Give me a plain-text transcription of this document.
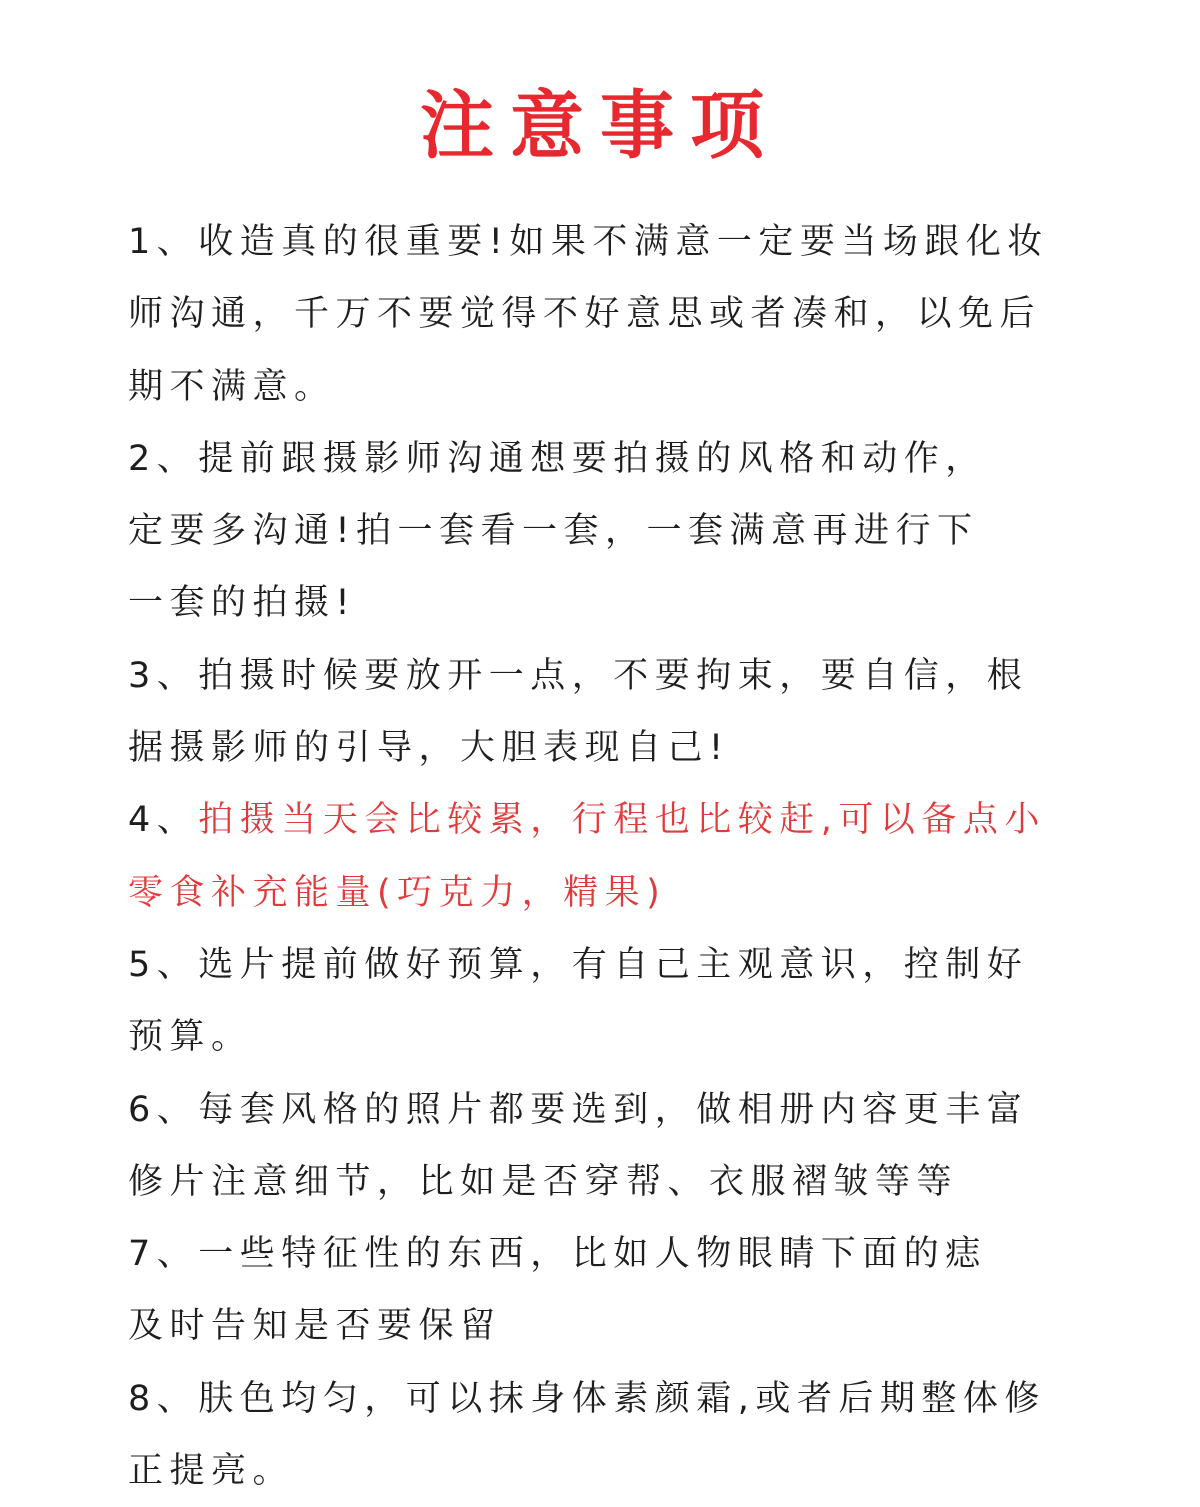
注意事项
1、收造真的很重要!如果不满意一定要当场跟化妆
师沟通，千万不要觉得不好意思或者凑和，以免后
期不满意。
2、提前跟摄影师沟通想要拍摄的风格和动作，
定要多沟通!拍一套看一套，一套满意再进行下
一套的拍摄!
3、拍摄时候要放开一点，不要拘束，要自信，根
据摄影师的引导，大胆表现自己!
4、拍摄当天会比较累，行程也比较赶,可以备点小
零食补充能量(巧克力，精果)
5、选片提前做好预算，有自己主观意识，控制好
预算。
6、每套风格的照片都要选到，做相册内容更丰富
修片注意细节，比如是否穿帮、衣服褶皱等等
7、一些特征性的东西，比如人物眼睛下面的痣
及时告知是否要保留
8、肤色均匀，可以抹身体素颜霜,或者后期整体修
正提亮。
